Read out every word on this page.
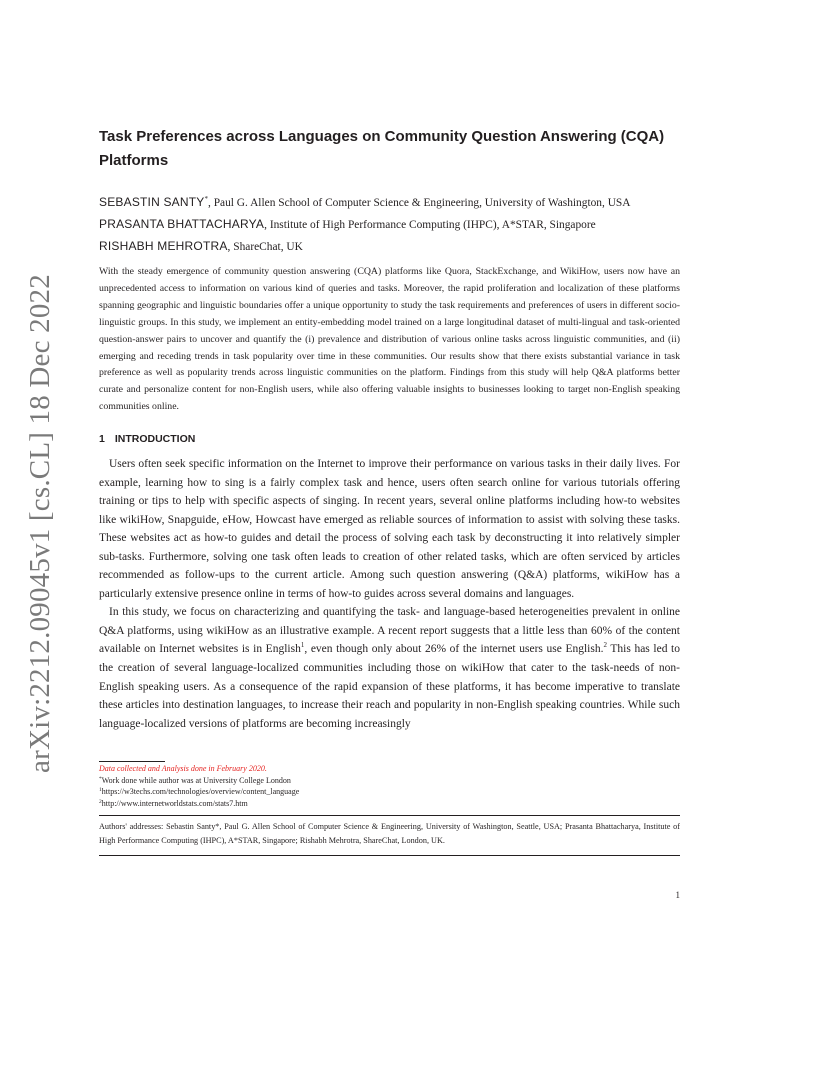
arXiv:2212.09045v1 [cs.CL] 18 Dec 2022
Task Preferences across Languages on Community Question Answering (CQA) Platforms
SEBASTIN SANTY*, Paul G. Allen School of Computer Science & Engineering, University of Washington, USA
PRASANTA BHATTACHARYA, Institute of High Performance Computing (IHPC), A*STAR, Singapore
RISHABH MEHROTRA, ShareChat, UK

With the steady emergence of community question answering (CQA) platforms like Quora, StackExchange, and WikiHow, users now have an unprecedented access to information on various kind of queries and tasks. Moreover, the rapid proliferation and localization of these platforms spanning geographic and linguistic boundaries offer a unique opportunity to study the task requirements and preferences of users in different socio-linguistic groups. In this study, we implement an entity-embedding model trained on a large longitudinal dataset of multi-lingual and task-oriented question-answer pairs to uncover and quantify the (i) prevalence and distribution of various online tasks across linguistic communities, and (ii) emerging and receding trends in task popularity over time in these communities. Our results show that there exists substantial variance in task preference as well as popularity trends across linguistic communities on the platform. Findings from this study will help Q&A platforms better curate and personalize content for non-English users, while also offering valuable insights to businesses looking to target non-English speaking communities online.

1 INTRODUCTION

Users often seek specific information on the Internet to improve their performance on various tasks in their daily lives. For example, learning how to sing is a fairly complex task and hence, users often search online for various tutorials offering training or tips to help with specific aspects of singing. In recent years, several online platforms including how-to websites like wikiHow, Snapguide, eHow, Howcast have emerged as reliable sources of information to assist with solving these tasks. These websites act as how-to guides and detail the process of solving each task by deconstructing it into relatively simpler sub-tasks. Furthermore, solving one task often leads to creation of other related tasks, which are often serviced by articles recommended as follow-ups to the current article. Among such question answering (Q&A) platforms, wikiHow has a particularly extensive presence online in terms of how-to guides across several domains and languages.

In this study, we focus on characterizing and quantifying the task- and language-based heterogeneities prevalent in online Q&A platforms, using wikiHow as an illustrative example. A recent report suggests that a little less than 60% of the content available on Internet websites is in English$^1$, even though only about 26% of the internet users use English.$^2$ This has led to the creation of several language-localized communities including those on wikiHow that cater to the task-needs of non-English speaking users. As a consequence of the rapid expansion of these platforms, it has become imperative to translate these articles into destination languages, to increase their reach and popularity in non-English speaking countries. While such language-localized versions of platforms are becoming increasingly

Data collected and Analysis done in February 2020.
*Work done while author was at University College London
$^1$https://w3techs.com/technologies/overview/content_language
$^2$http://www.internetworldstats.com/stats7.htm

Authors' addresses: Sebastin Santy*, Paul G. Allen School of Computer Science & Engineering, University of Washington, Seattle, USA; Prasanta Bhattacharya, Institute of High Performance Computing (IHPC), A*STAR, Singapore; Rishabh Mehrotra, ShareChat, London, UK.

1
